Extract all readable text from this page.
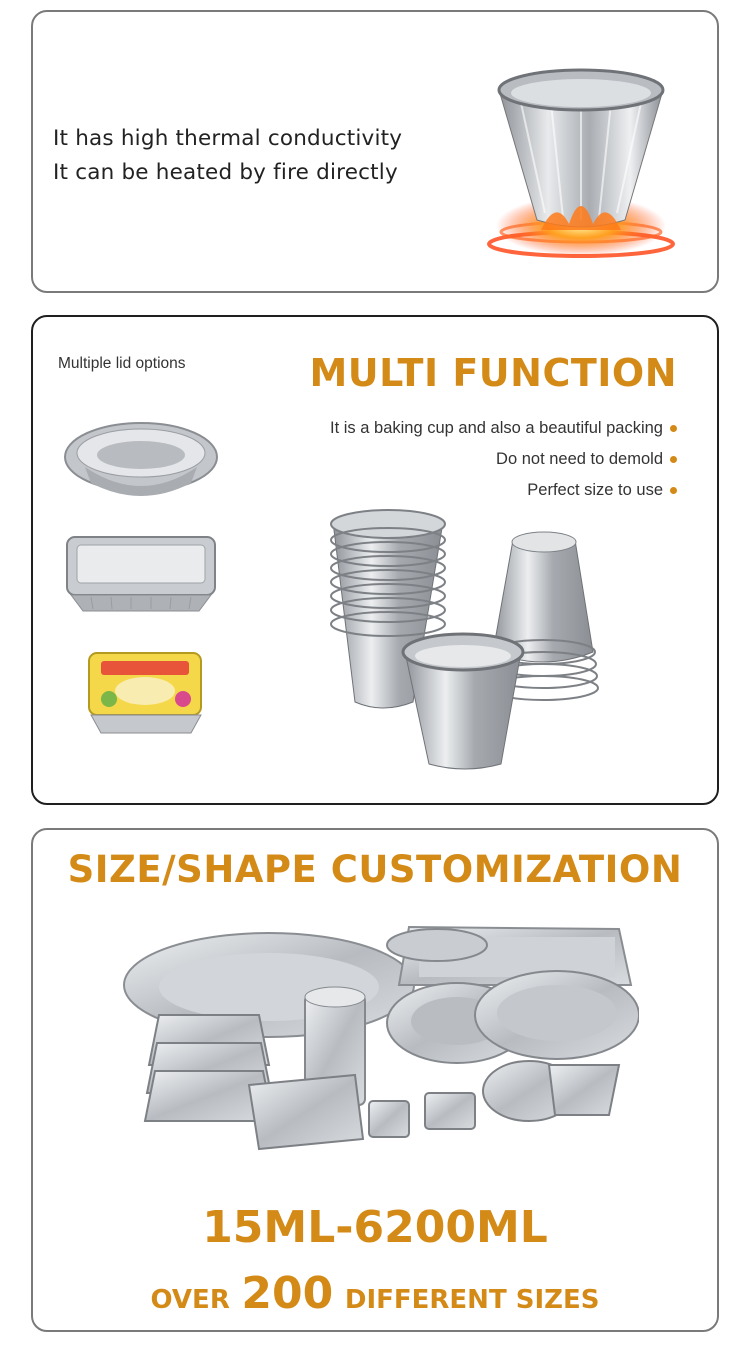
It has high thermal conductivity
It can be heated by fire directly
Multiple lid options	MULTI FUNCTION
It is a baking cup and also a beautiful packing
Do not need to demold
Perfect size to use
SIZE/SHAPE CUSTOMIZATION
15ML-6200ML
OVER 200 DIFFERENT SIZES
